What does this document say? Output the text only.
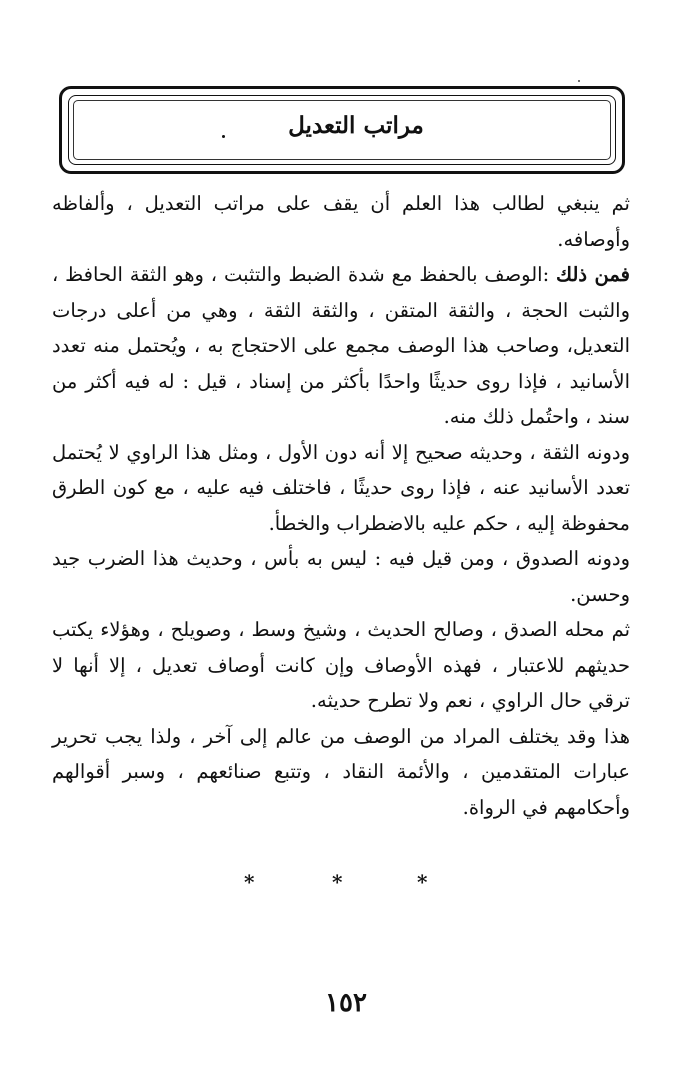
مراتب التعديل

ثم ينبغي لطالب هذا العلم أن يقف على مراتب التعديل ، وألفاظه وأوصافه.

فمن ذلك :الوصف بالحفظ مع شدة الضبط والتثبت ، وهو الثقة الحافظ ، والثبت الحجة ، والثقة المتقن ، والثقة الثقة ، وهي من أعلى درجات التعديل، وصاحب هذا الوصف مجمع على الاحتجاج به ، ويُحتمل منه تعدد الأسانيد ، فإذا روى حديثًا واحدًا بأكثر من إسناد ، قيل : له فيه أكثر من سند ، واحتُمل ذلك منه.

ودونه الثقة ، وحديثه صحيح إلا أنه دون الأول ، ومثل هذا الراوي لا يُحتمل تعدد الأسانيد عنه ، فإذا روى حديثًا ، فاختلف فيه عليه ، مع كون الطرق محفوظة إليه ، حكم عليه بالاضطراب والخطأ.

ودونه الصدوق ، ومن قيل فيه : ليس به بأس ، وحديث هذا الضرب جيد وحسن.

ثم محله الصدق ، وصالح الحديث ، وشيخ وسط ، وصويلح ، وهؤلاء يكتب حديثهم للاعتبار ، فهذه الأوصاف وإن كانت أوصاف تعديل ، إلا أنها لا ترقي حال الراوي ، نعم ولا تطرح حديثه.

هذا وقد يختلف المراد من الوصف من عالم إلى آخر ، ولذا يجب تحرير عبارات المتقدمين ، والأئمة النقاد ، وتتبع صنائعهم ، وسبر أقوالهم وأحكامهم في الرواة.

*	*	*
١٥٢
